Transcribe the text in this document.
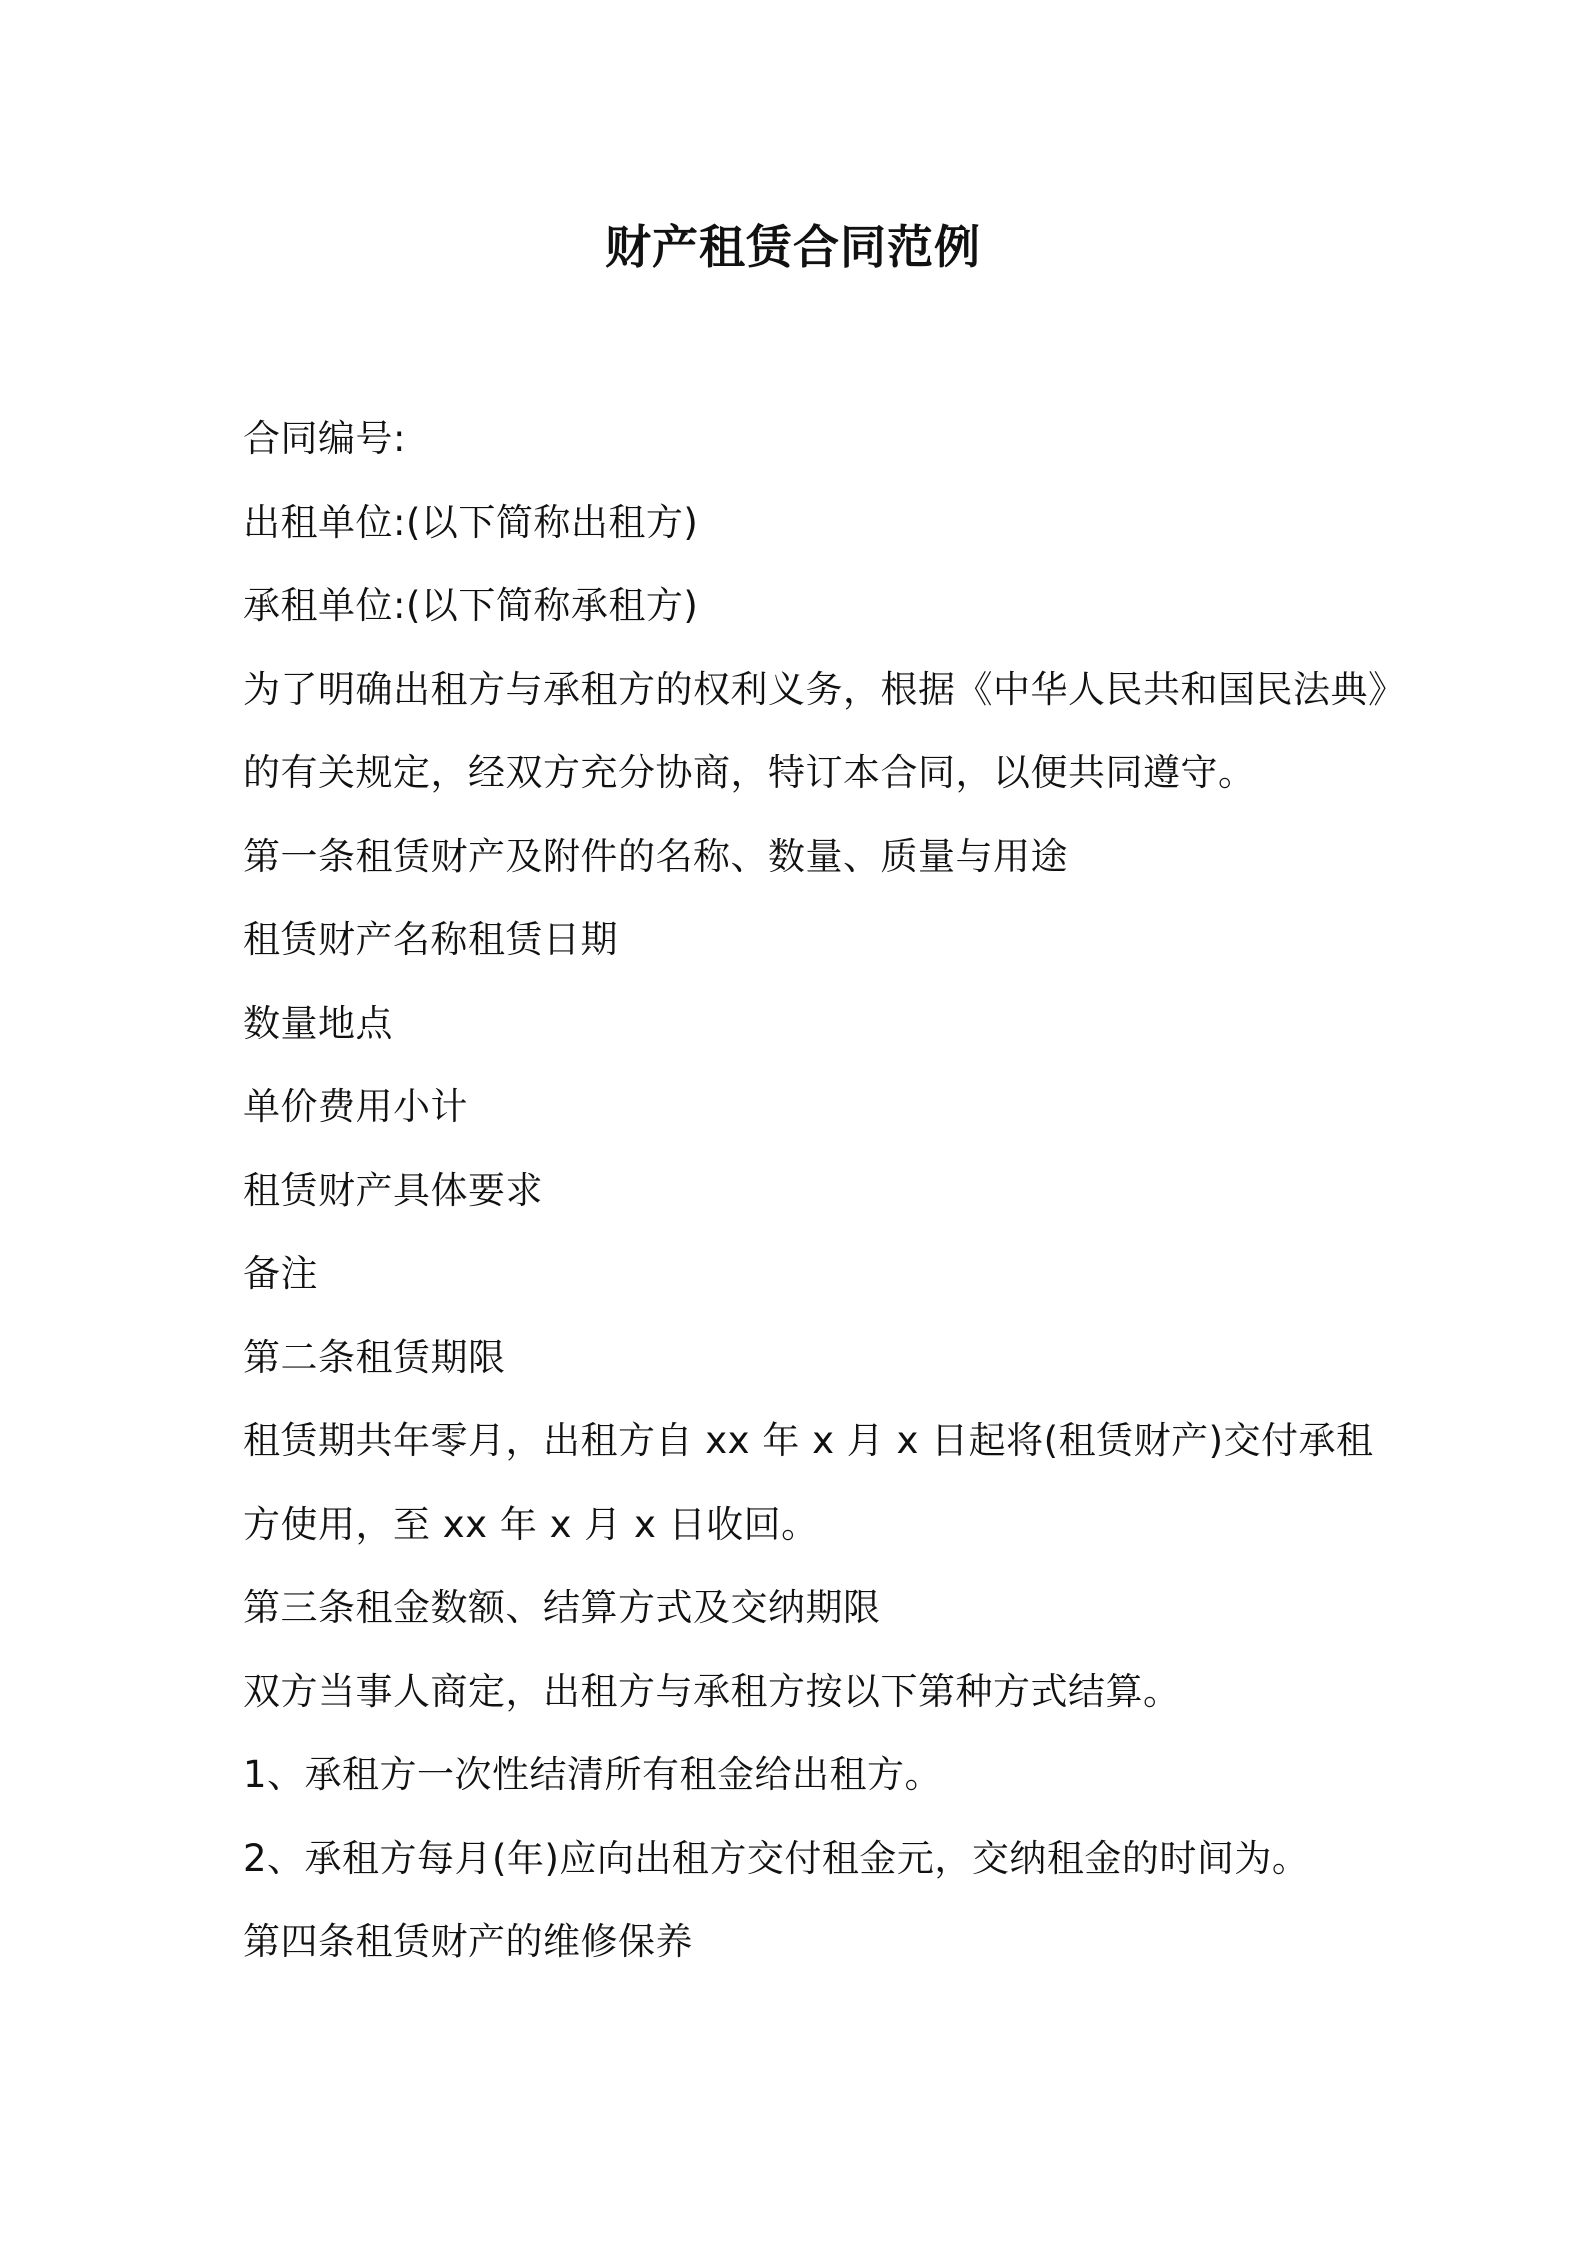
财产租赁合同范例
合同编号:
出租单位:(以下简称出租方)
承租单位:(以下简称承租方)
为了明确出租方与承租方的权利义务，根据《中华人民共和国民法典》
的有关规定，经双方充分协商，特订本合同，以便共同遵守。
第一条租赁财产及附件的名称、数量、质量与用途
租赁财产名称租赁日期
数量地点
单价费用小计
租赁财产具体要求
备注
第二条租赁期限
租赁期共年零月，出租方自 xx 年 x 月 x 日起将(租赁财产)交付承租
方使用，至 xx 年 x 月 x 日收回。
第三条租金数额、结算方式及交纳期限
双方当事人商定，出租方与承租方按以下第种方式结算。
1、承租方一次性结清所有租金给出租方。
2、承租方每月(年)应向出租方交付租金元，交纳租金的时间为。
第四条租赁财产的维修保养
